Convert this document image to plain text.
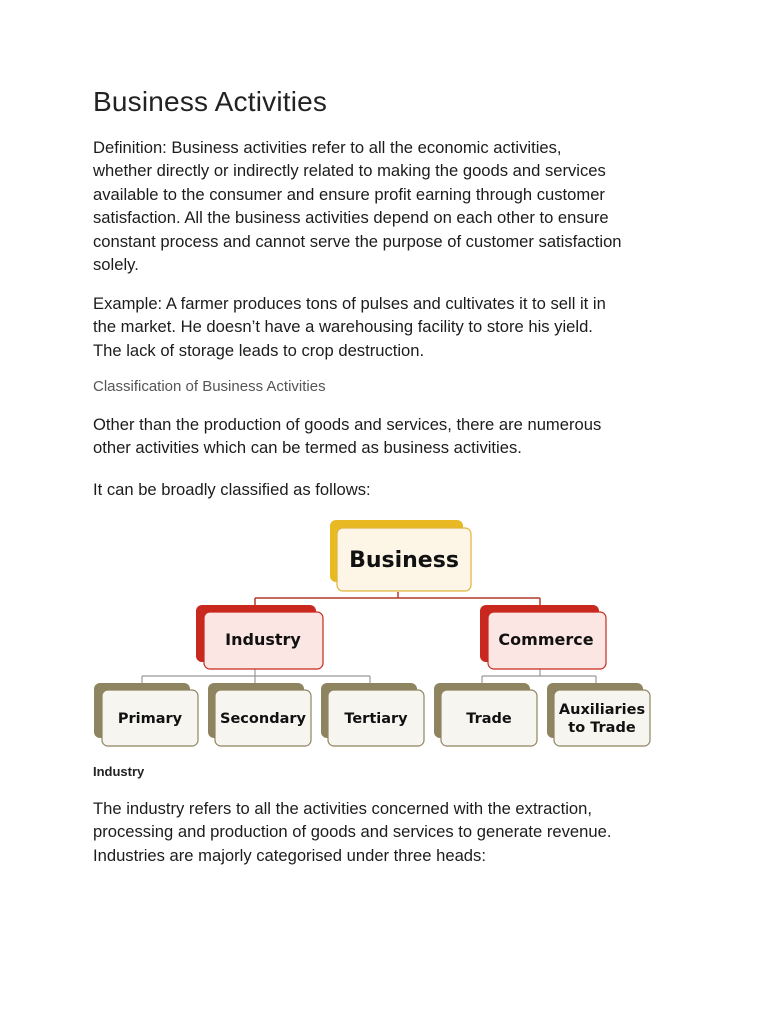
Business Activities

Definition: Business activities refer to all the economic activities,
whether directly or indirectly related to making the goods and services
available to the consumer and ensure profit earning through customer
satisfaction. All the business activities depend on each other to ensure
constant process and cannot serve the purpose of customer satisfaction
solely.

Example: A farmer produces tons of pulses and cultivates it to sell it in
the market. He doesn’t have a warehousing facility to store his yield.
The lack of storage leads to crop destruction.

Classification of Business Activities

Other than the production of goods and services, there are numerous
other activities which can be termed as business activities.

It can be broadly classified as follows:

Industry

The industry refers to all the activities concerned with the extraction,
processing and production of goods and services to generate revenue.
Industries are majorly categorised under three heads:

Business
Industry	Commerce
Primary	Secondary	Tertiary	Trade
Auxiliaries
to Trade
